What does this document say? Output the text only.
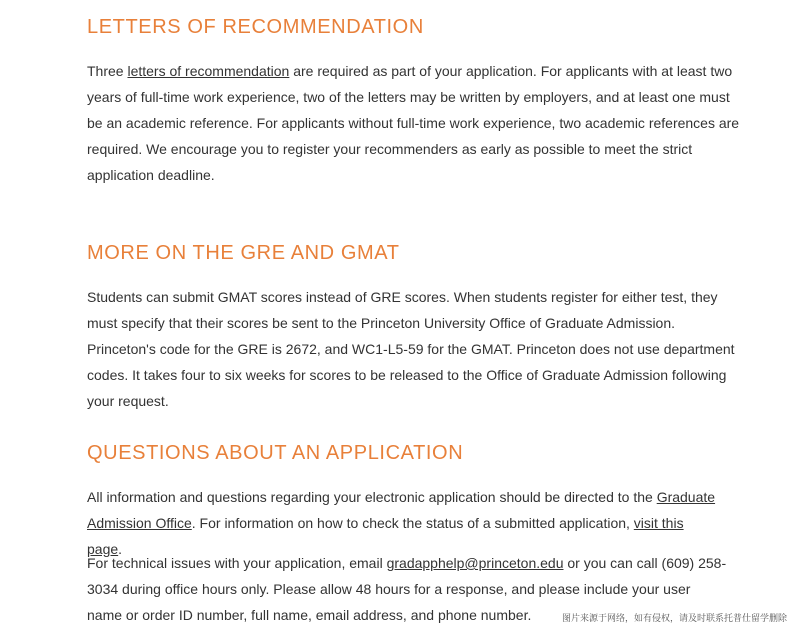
LETTERS OF RECOMMENDATION

Three letters of recommendation are required as part of your application. For applicants with at least two years of full-time work experience, two of the letters may be written by employers, and at least one must be an academic reference. For applicants without full-time work experience, two academic references are required. We encourage you to register your recommenders as early as possible to meet the strict application deadline.

MORE ON THE GRE AND GMAT

Students can submit GMAT scores instead of GRE scores. When students register for either test, they must specify that their scores be sent to the Princeton University Office of Graduate Admission. Princeton's code for the GRE is 2672, and WC1-L5-59 for the GMAT. Princeton does not use department codes. It takes four to six weeks for scores to be released to the Office of Graduate Admission following your request.

QUESTIONS ABOUT AN APPLICATION

All information and questions regarding your electronic application should be directed to the Graduate Admission Office. For information on how to check the status of a submitted application, visit this page.

For technical issues with your application, email gradapphelp@princeton.edu or you can call (609) 258-3034 during office hours only. Please allow 48 hours for a response, and please include your user name or order ID number, full name, email address, and phone number.	图片来源于网络，如有侵权，请及时联系托普仕留学删除
